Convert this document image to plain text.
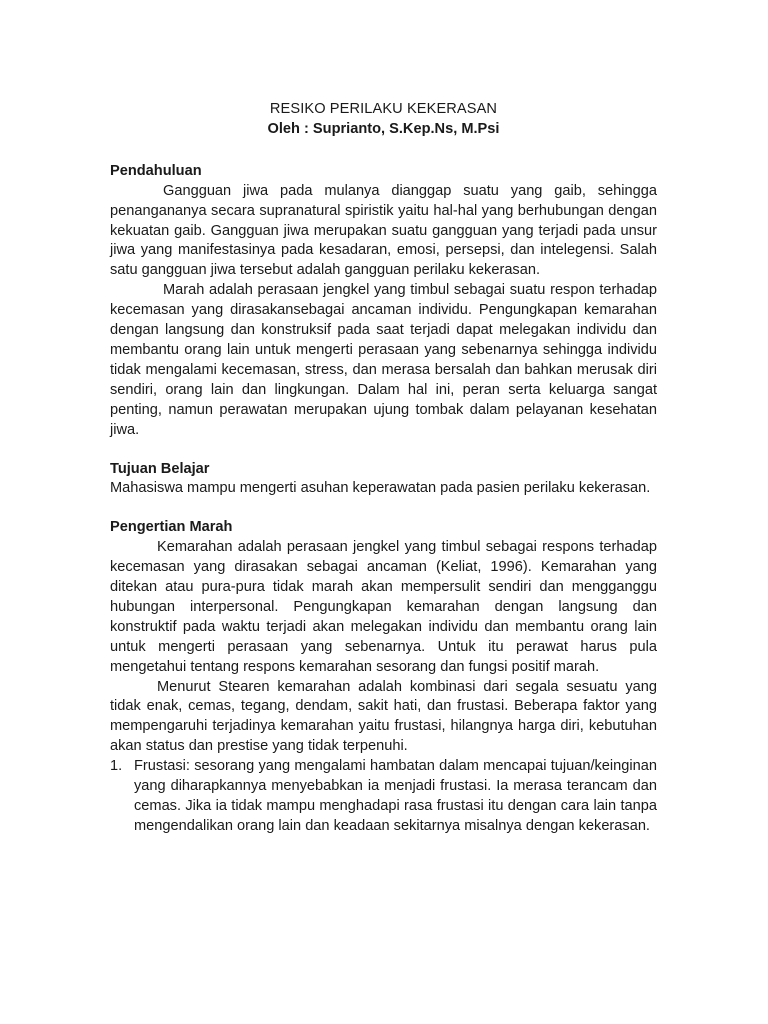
RESIKO PERILAKU KEKERASAN

Oleh : Suprianto, S.Kep.Ns, M.Psi

Pendahuluan

Gangguan jiwa pada mulanya dianggap suatu yang gaib, sehingga penangananya secara supranatural spiristik yaitu hal-hal yang berhubungan dengan kekuatan gaib. Gangguan jiwa merupakan suatu gangguan yang terjadi pada unsur jiwa yang manifestasinya pada kesadaran, emosi, persepsi, dan intelegensi. Salah satu gangguan jiwa tersebut adalah gangguan perilaku kekerasan.

Marah adalah perasaan jengkel yang timbul sebagai suatu respon terhadap kecemasan yang dirasakansebagai ancaman individu. Pengungkapan kemarahan dengan langsung dan konstruksif pada saat terjadi dapat melegakan individu dan membantu orang lain untuk mengerti perasaan yang sebenarnya sehingga individu tidak mengalami kecemasan, stress, dan merasa bersalah dan bahkan merusak diri sendiri, orang lain dan lingkungan. Dalam hal ini, peran serta keluarga sangat penting, namun perawatan merupakan ujung tombak dalam pelayanan kesehatan jiwa.

Tujuan Belajar

Mahasiswa mampu mengerti asuhan keperawatan pada pasien perilaku kekerasan.

Pengertian Marah

Kemarahan adalah perasaan jengkel yang timbul sebagai respons terhadap kecemasan yang dirasakan sebagai ancaman (Keliat, 1996). Kemarahan yang ditekan atau pura-pura tidak marah akan mempersulit sendiri dan mengganggu hubungan interpersonal. Pengungkapan kemarahan dengan langsung dan konstruktif pada waktu terjadi akan melegakan individu dan membantu orang lain untuk mengerti perasaan yang sebenarnya. Untuk itu perawat harus pula mengetahui tentang respons kemarahan sesorang dan fungsi positif marah.

Menurut Stearen kemarahan adalah kombinasi dari segala sesuatu yang tidak enak, cemas, tegang, dendam, sakit hati, dan frustasi. Beberapa faktor yang mempengaruhi terjadinya kemarahan yaitu frustasi, hilangnya harga diri, kebutuhan akan status dan prestise yang tidak terpenuhi.

1. Frustasi: sesorang yang mengalami hambatan dalam mencapai tujuan/keinginan yang diharapkannya menyebabkan ia menjadi frustasi. Ia merasa terancam dan cemas. Jika ia tidak mampu menghadapi rasa frustasi itu dengan cara lain tanpa mengendalikan orang lain dan keadaan sekitarnya misalnya dengan kekerasan.
